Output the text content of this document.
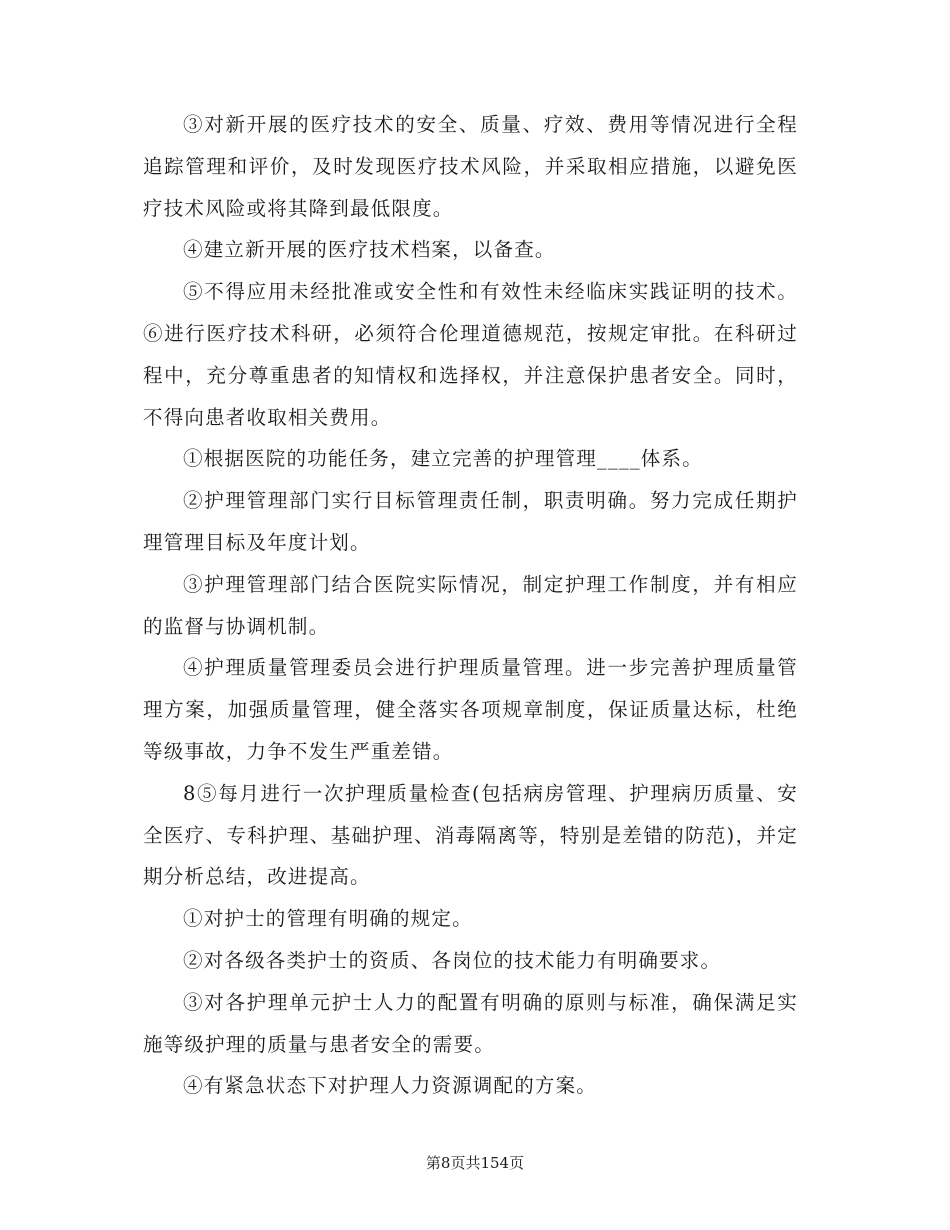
③对新开展的医疗技术的安全、质量、疗效、费用等情况进行全程追踪管理和评价，及时发现医疗技术风险，并采取相应措施，以避免医疗技术风险或将其降到最低限度。

④建立新开展的医疗技术档案，以备查。

⑤不得应用未经批准或安全性和有效性未经临床实践证明的技术。⑥进行医疗技术科研，必须符合伦理道德规范，按规定审批。在科研过程中，充分尊重患者的知情权和选择权，并注意保护患者安全。同时，不得向患者收取相关费用。

①根据医院的功能任务，建立完善的护理管理____体系。

②护理管理部门实行目标管理责任制，职责明确。努力完成任期护理管理目标及年度计划。

③护理管理部门结合医院实际情况，制定护理工作制度，并有相应的监督与协调机制。

④护理质量管理委员会进行护理质量管理。进一步完善护理质量管理方案，加强质量管理，健全落实各项规章制度，保证质量达标，杜绝等级事故，力争不发生严重差错。

8⑤每月进行一次护理质量检查(包括病房管理、护理病历质量、安全医疗、专科护理、基础护理、消毒隔离等，特别是差错的防范)，并定期分析总结，改进提高。

①对护士的管理有明确的规定。

②对各级各类护士的资质、各岗位的技术能力有明确要求。

③对各护理单元护士人力的配置有明确的原则与标准，确保满足实施等级护理的质量与患者安全的需要。

④有紧急状态下对护理人力资源调配的方案。

第8页共154页
